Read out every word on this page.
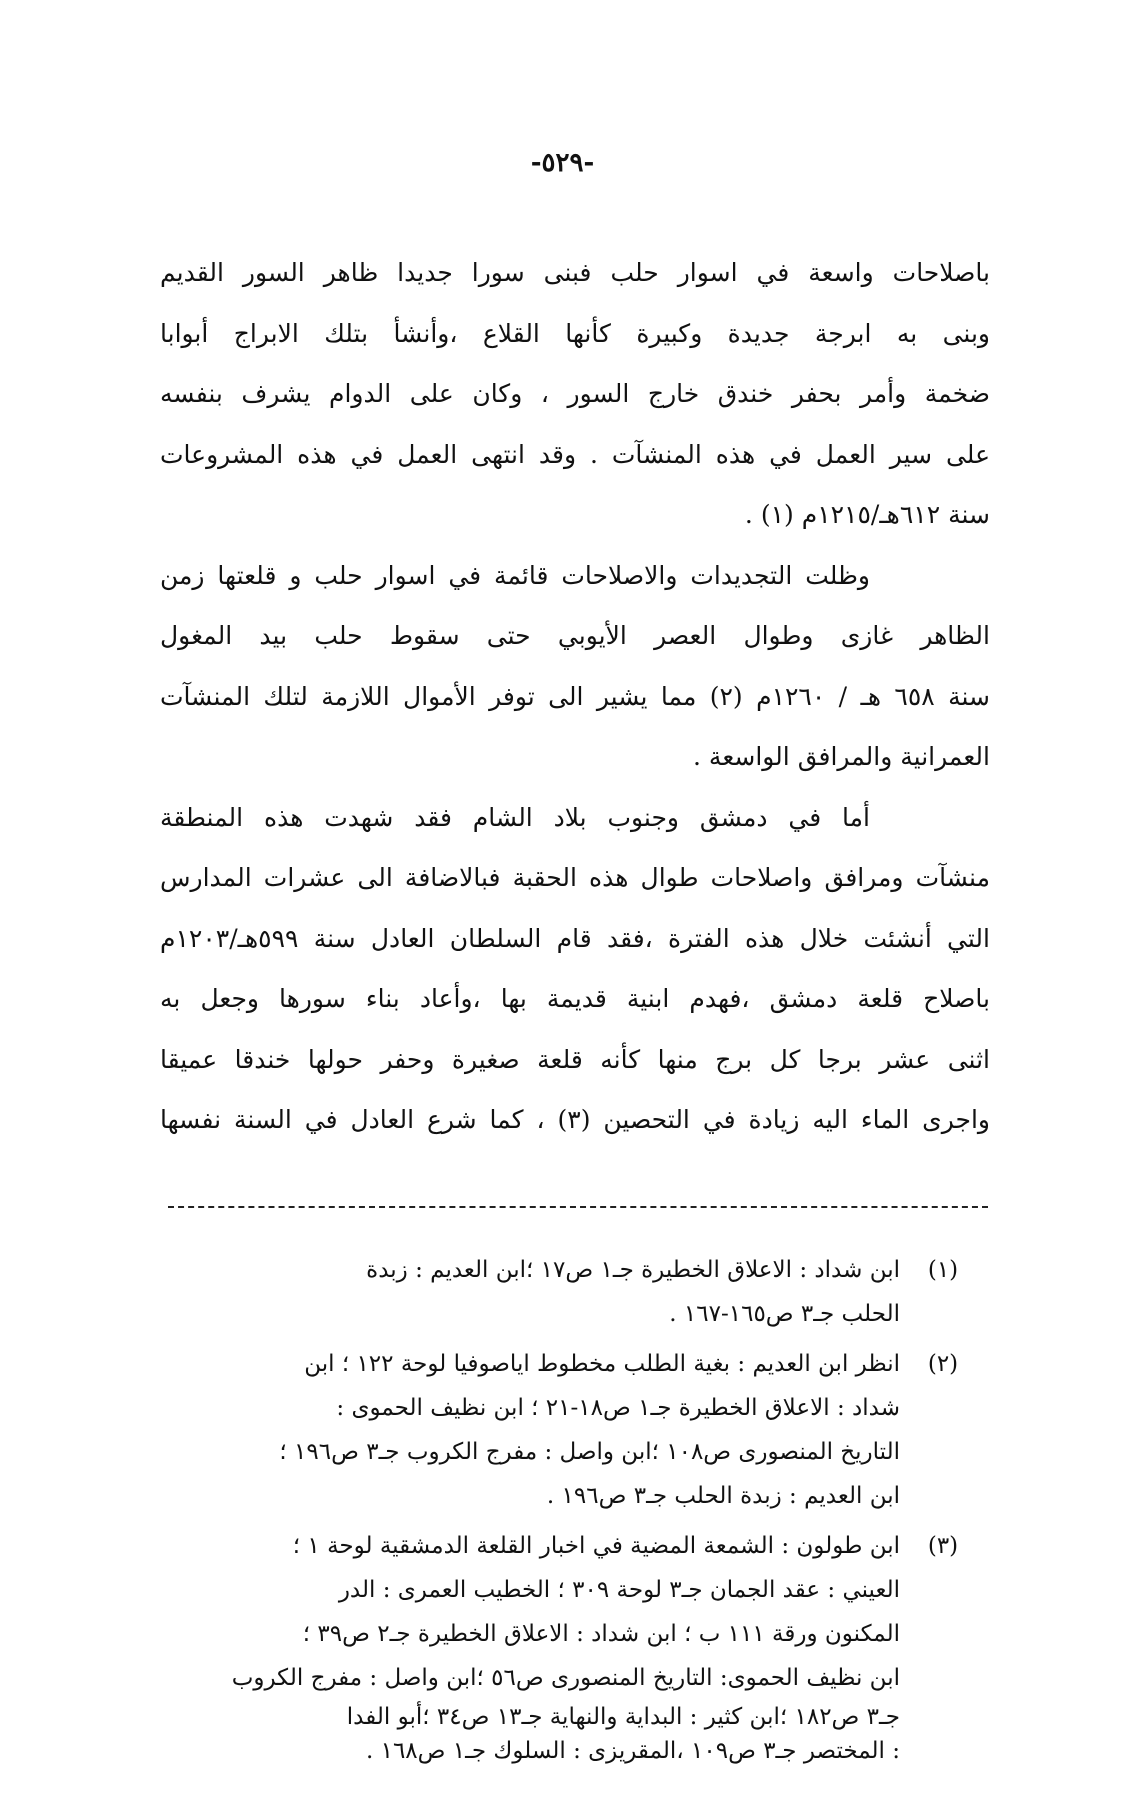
-٥٢٩-
باصلاحات واسعة في اسوار حلب فبنى سورا جديدا ظاهر السور القديم
وبنى به ابرجة جديدة وكبيرة كأنها القلاع ،وأنشأ بتلك الابراج أبوابا
ضخمة وأمر بحفر خندق خارج السور ، وكان على الدوام يشرف بنفسه
على سير العمل في هذه المنشآت . وقد انتهى العمل في هذه المشروعات
سنة ٦١٢هـ/١٢١٥م (١) .
وظلت التجديدات والاصلاحات قائمة في اسوار حلب و قلعتها زمن
الظاهر غازى وطوال العصر الأيوبي حتى سقوط حلب بيد المغول
سنة ٦٥٨ هـ / ١٢٦٠م (٢) مما يشير الى توفر الأموال اللازمة لتلك المنشآت
العمرانية والمرافق الواسعة .
أما في دمشق وجنوب بلاد الشام فقد شهدت هذه المنطقة
منشآت ومرافق واصلاحات طوال هذه الحقبة فبالاضافة الى عشرات المدارس
التي أنشئت خلال هذه الفترة ،فقد قام السلطان العادل سنة ٥٩٩هـ/١٢٠٣م
باصلاح قلعة دمشق ،فهدم ابنية قديمة بها ،وأعاد بناء سورها وجعل به
اثنى عشر برجا كل برج منها كأنه قلعة صغيرة وحفر حولها خندقا عميقا
واجرى الماء اليه زيادة في التحصين (٣) ، كما شرع العادل في السنة نفسها
(١)
ابن شداد : الاعلاق الخطيرة جـ١ ص١٧ ؛ابن العديم : زبدة
الحلب جـ٣ ص١٦٥-١٦٧ .
(٢)
انظر ابن العديم : بغية الطلب مخطوط اياصوفيا لوحة ١٢٢ ؛ ابن
شداد : الاعلاق الخطيرة جـ١ ص١٨-٢١ ؛ ابن نظيف الحموى :
التاريخ المنصورى ص١٠٨ ؛ابن واصل : مفرج الكروب جـ٣ ص١٩٦ ؛
ابن العديم : زبدة الحلب جـ٣ ص١٩٦ .
(٣)
ابن طولون : الشمعة المضية في اخبار القلعة الدمشقية لوحة ١ ؛
العيني : عقد الجمان جـ٣ لوحة ٣٠٩ ؛ الخطيب العمرى : الدر
المكنون ورقة ١١١ ب ؛ ابن شداد : الاعلاق الخطيرة جـ٢ ص٣٩ ؛
ابن نظيف الحموى: التاريخ المنصورى ص٥٦ ؛ابن واصل : مفرج الكروب
جـ٣ ص١٨٢ ؛ابن كثير : البداية والنهاية جـ١٣ ص٣٤ ؛أبو الفدا
: المختصر جـ٣ ص١٠٩ ،المقريزى : السلوك جـ١ ص١٦٨ .
